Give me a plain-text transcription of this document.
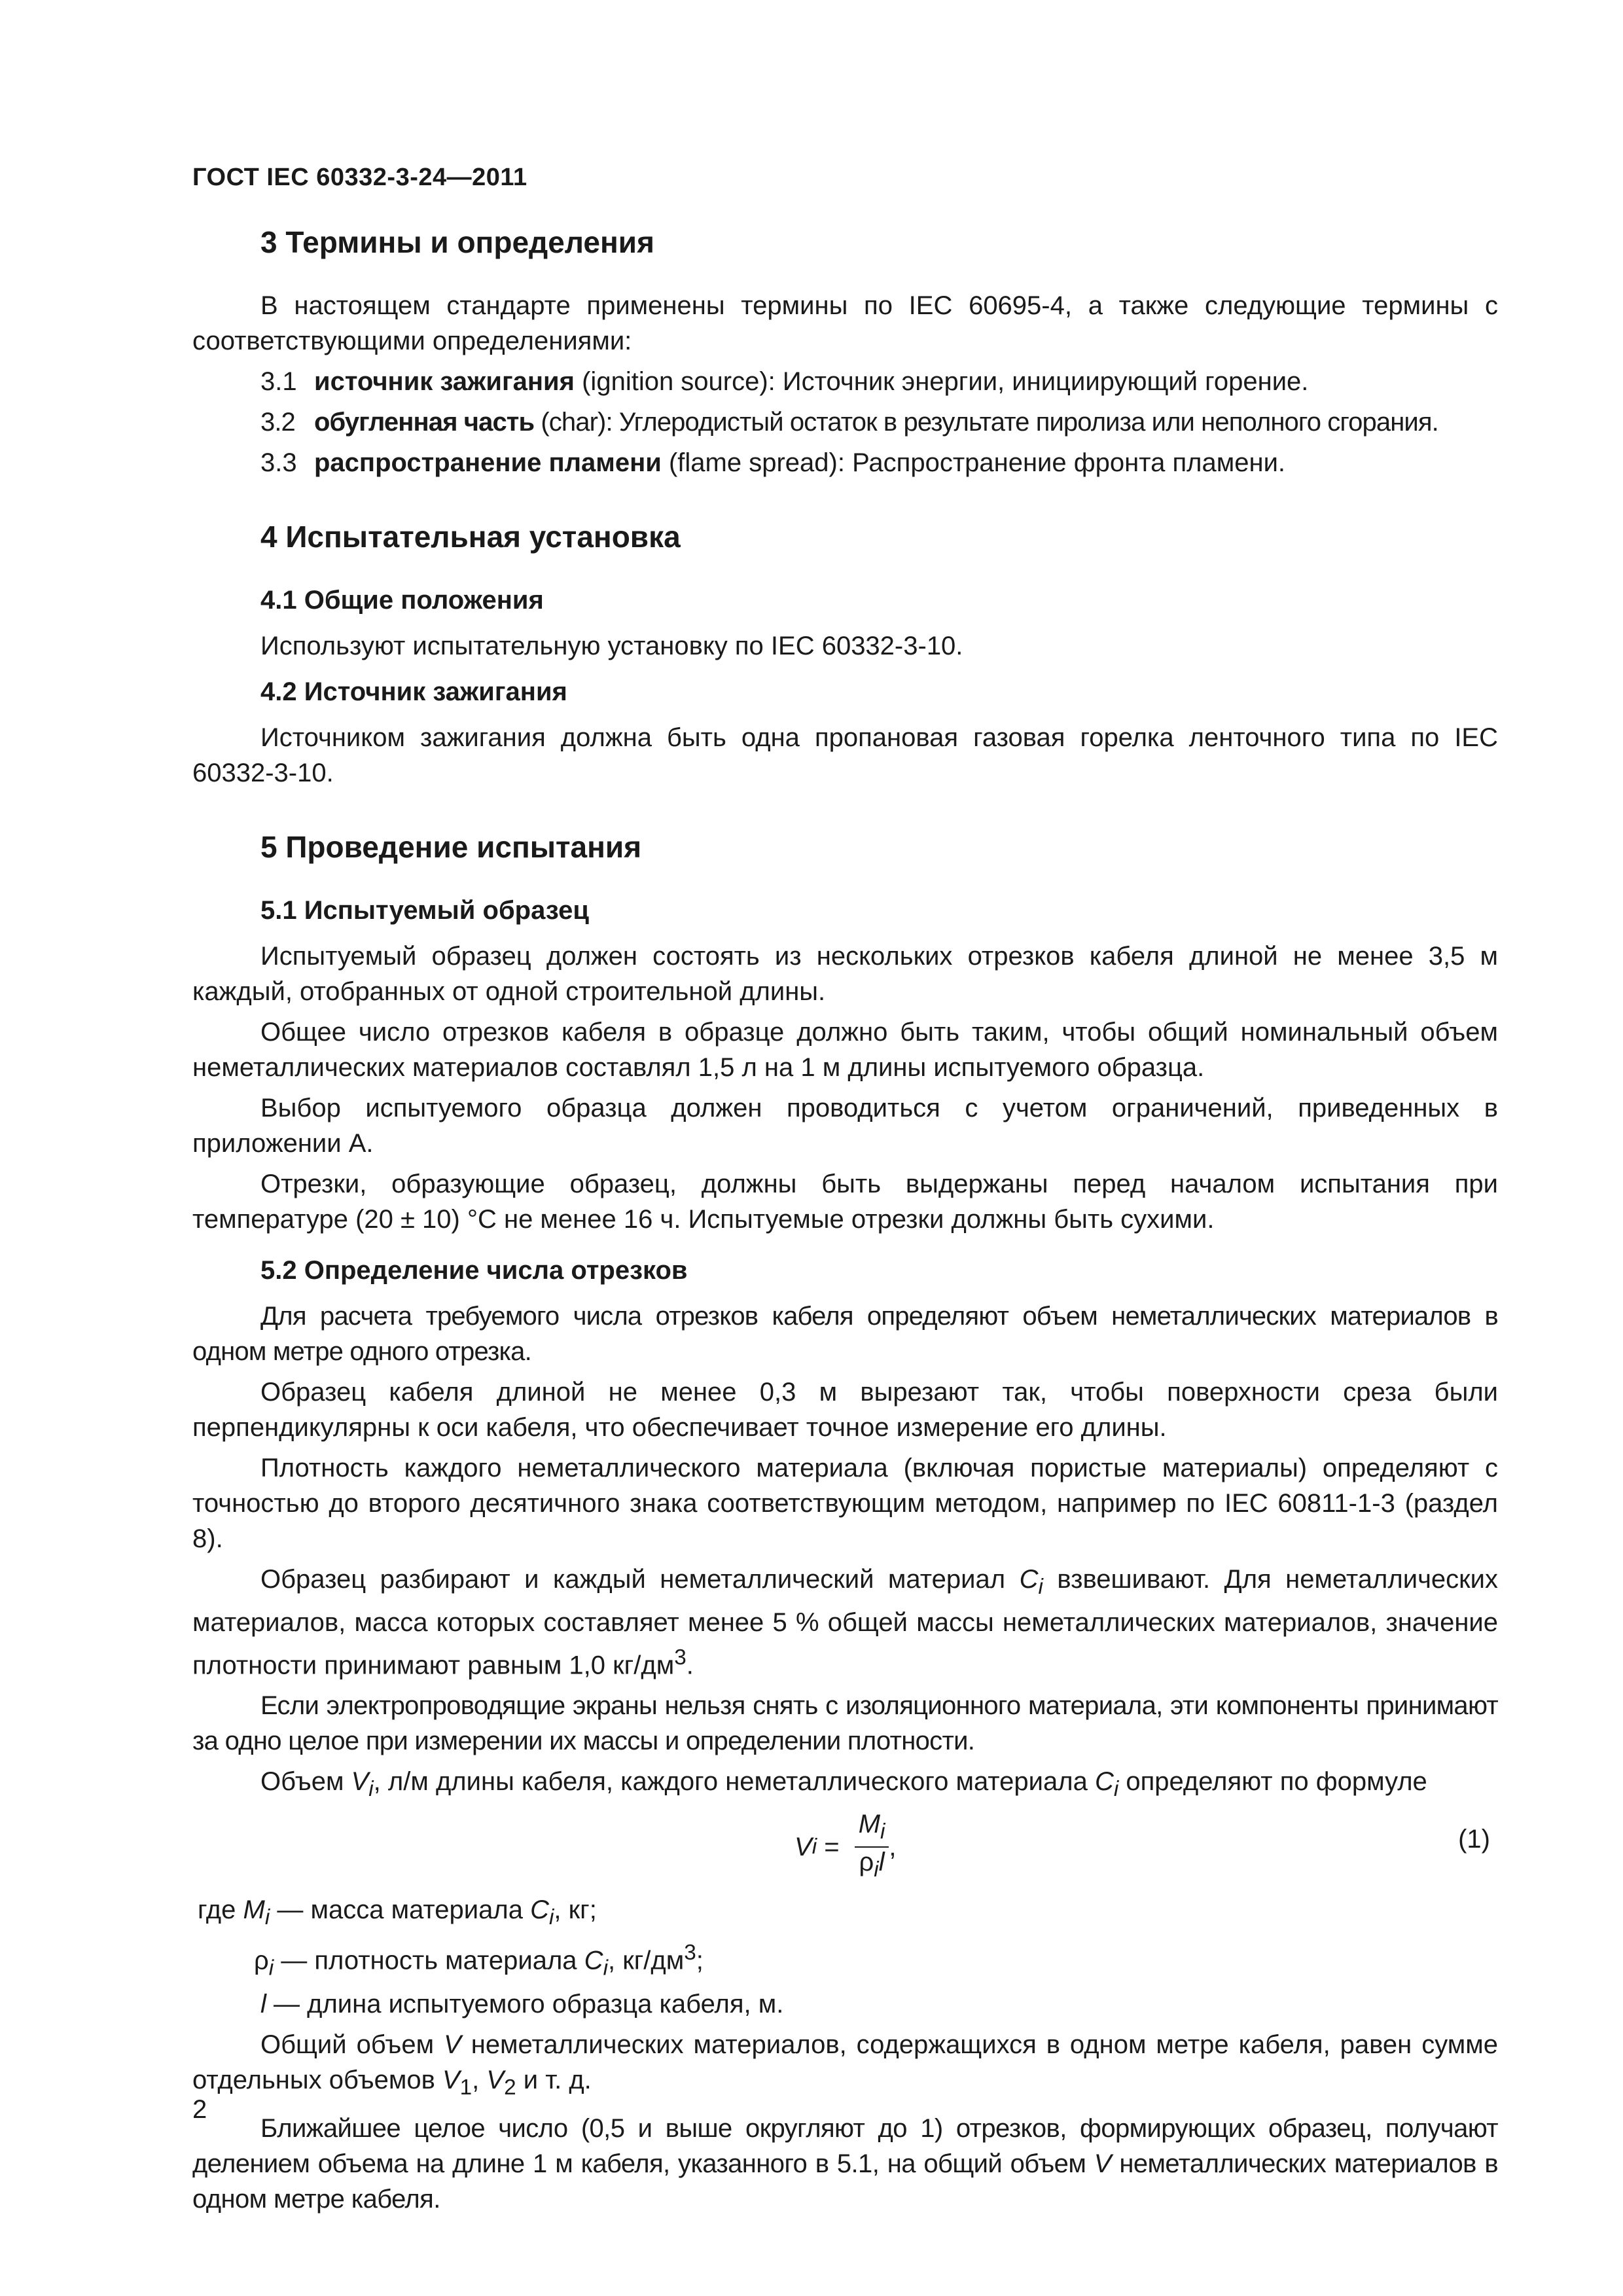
ГОСТ IEC 60332-3-24—2011
3 Термины и определения

В настоящем стандарте применены термины по IEC 60695-4, а также следующие термины с соответствующими определениями:

3.1 источник зажигания (ignition source): Источник энергии, инициирующий горение.
3.2 обугленная часть (char): Углеродистый остаток в результате пиролиза или неполного сгорания.
3.3 распространение пламени (flame spread): Распространение фронта пламени.
4 Испытательная установка
4.1 Общие положения

Используют испытательную установку по IEC 60332-3-10.

4.2 Источник зажигания

Источником зажигания должна быть одна пропановая газовая горелка ленточного типа по IEC 60332-3-10.

5 Проведение испытания
5.1 Испытуемый образец

Испытуемый образец должен состоять из нескольких отрезков кабеля длиной не менее 3,5 м каждый, отобранных от одной строительной длины.

Общее число отрезков кабеля в образце должно быть таким, чтобы общий номинальный объем неметаллических материалов составлял 1,5 л на 1 м длины испытуемого образца.

Выбор испытуемого образца должен проводиться с учетом ограничений, приведенных в приложении А.

Отрезки, образующие образец, должны быть выдержаны перед началом испытания при температуре (20 ± 10) °C не менее 16 ч. Испытуемые отрезки должны быть сухими.

5.2 Определение числа отрезков

Для расчета требуемого числа отрезков кабеля определяют объем неметаллических материалов в одном метре одного отрезка.

Образец кабеля длиной не менее 0,3 м вырезают так, чтобы поверхности среза были перпендикулярны к оси кабеля, что обеспечивает точное измерение его длины.

Плотность каждого неметаллического материала (включая пористые материалы) определяют с точностью до второго десятичного знака соответствующим методом, например по IEC 60811-1-3 (раздел 8).

Образец разбирают и каждый неметаллический материал $C_i$ взвешивают. Для неметаллических материалов, масса которых составляет менее 5 % общей массы неметаллических материалов, значение плотности принимают равным 1,0 $кг/дм^3$.

Если электропроводящие экраны нельзя снять с изоляционного материала, эти компоненты принимают за одно целое при измерении их массы и определении плотности.

Объем $V_i$, л/м длины кабеля, каждого неметаллического материала $C_i$ определяют по формуле

V $i = \frac{M_i}{\rho_il}$ ,	(1)
где $M_i$ — масса материала $C_i$, кг;
$\rho_i$ — плотность материала $C_i$, $кг/дм^3$;
l — длина испытуемого образца кабеля, м.

Общий объем V неметаллических материалов, содержащихся в одном метре кабеля, равен сумме отдельных объемов $V_1$, $V_2$ и т. д.

Ближайшее целое число (0,5 и выше округляют до 1) отрезков, формирующих образец, получают делением объема на длине 1 м кабеля, указанного в 5.1, на общий объем V неметаллических материалов в одном метре кабеля.

2
